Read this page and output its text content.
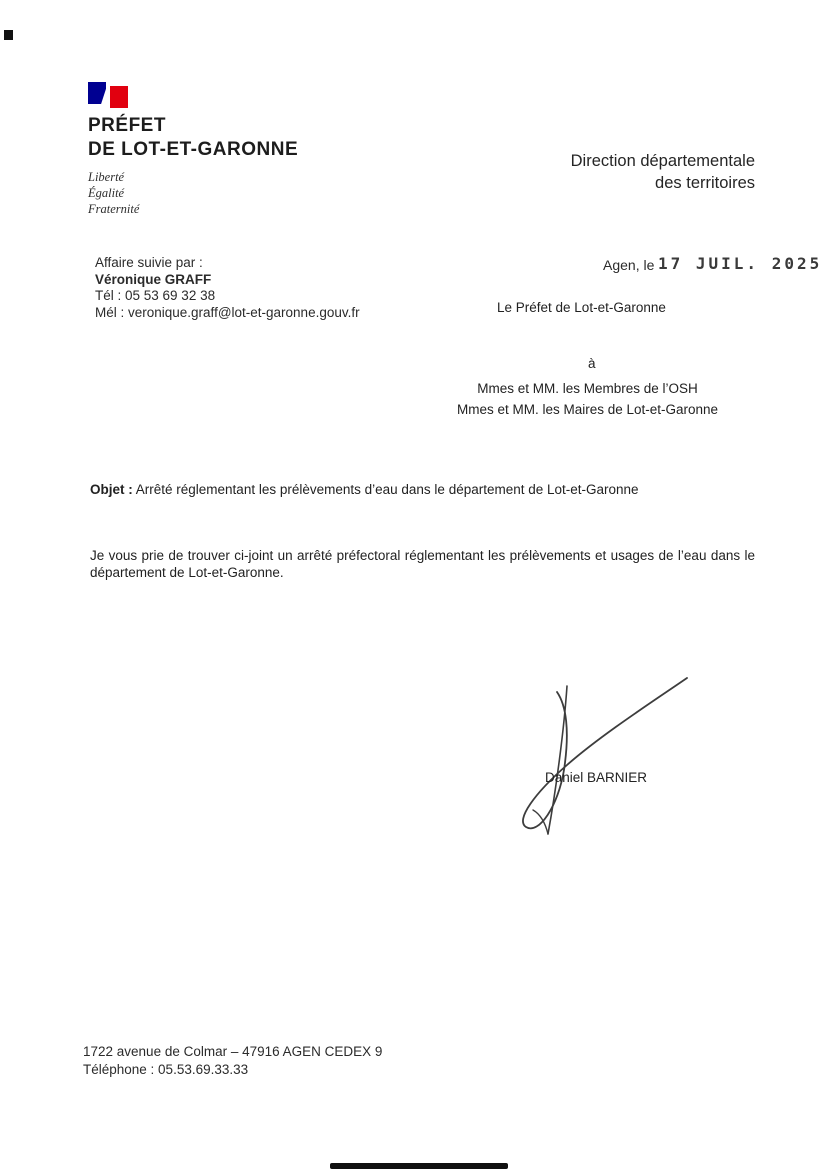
PRÉFET
DE LOT-ET-GARONNE
Liberté
Égalité
Fraternité
Direction départementale
des territoires
Affaire suivie par :
Véronique GRAFF
Tél : 05 53 69 32 38
Mél : veronique.graff@lot-et-garonne.gouv.fr
Agen, le 17 JUIL. 2025
Le Préfet de Lot-et-Garonne
à
Mmes et MM. les Membres de l’OSH
Mmes et MM. les Maires de Lot-et-Garonne
Objet : Arrêté réglementant les prélèvements d’eau dans le département de Lot-et-Garonne
Je vous prie de trouver ci-joint un arrêté préfectoral réglementant les prélèvements et usages de l’eau dans le département de Lot-et-Garonne.
Daniel BARNIER
1722 avenue de Colmar – 47916 AGEN CEDEX 9
Téléphone : 05.53.69.33.33
